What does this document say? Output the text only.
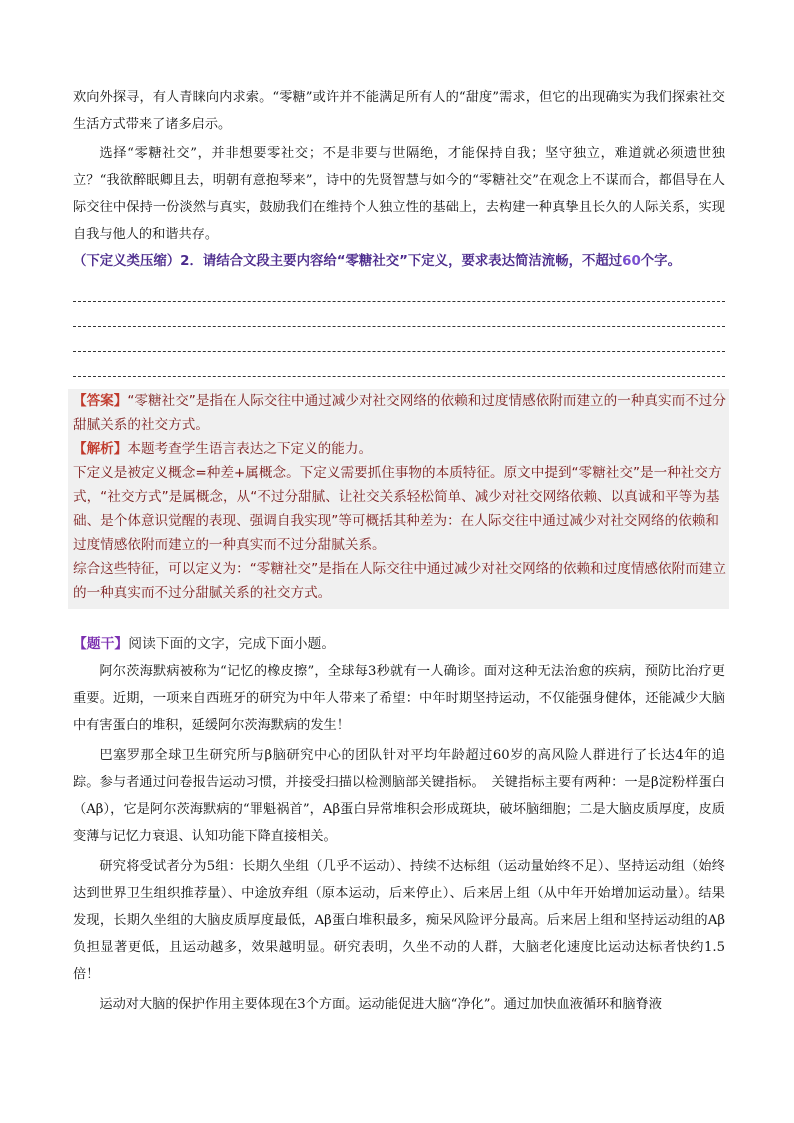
欢向外探寻，有人青睐向内求索。“零糖”或许并不能满足所有人的“甜度”需求，但它的出现确实为我们探索社交生活方式带来了诸多启示。

选择“零糖社交”，并非想要零社交；不是非要与世隔绝，才能保持自我；坚守独立，难道就必须遗世独立？“我欲醉眠卿且去，明朝有意抱琴来”，诗中的先贤智慧与如今的“零糖社交”在观念上不谋而合，都倡导在人际交往中保持一份淡然与真实，鼓励我们在维持个人独立性的基础上，去构建一种真挚且长久的人际关系，实现自我与他人的和谐共存。

（下定义类压缩）2．请结合文段主要内容给“零糖社交”下定义，要求表达简洁流畅，不超过60个字。

【答案】“零糖社交”是指在人际交往中通过减少对社交网络的依赖和过度情感依附而建立的一种真实而不过分甜腻关系的社交方式。

【解析】本题考查学生语言表达之下定义的能力。

下定义是被定义概念=种差+属概念。下定义需要抓住事物的本质特征。原文中提到“零糖社交”是一种社交方式，“社交方式”是属概念，从“不过分甜腻、让社交关系轻松简单、减少对社交网络依赖、以真诚和平等为基础、是个体意识觉醒的表现、强调自我实现”等可概括其种差为：在人际交往中通过减少对社交网络的依赖和过度情感依附而建立的一种真实而不过分甜腻关系。

综合这些特征，可以定义为：“零糖社交”是指在人际交往中通过减少对社交网络的依赖和过度情感依附而建立的一种真实而不过分甜腻关系的社交方式。

【题干】阅读下面的文字，完成下面小题。

阿尔茨海默病被称为“记忆的橡皮擦”，全球每3秒就有一人确诊。面对这种无法治愈的疾病，预防比治疗更重要。近期，一项来自西班牙的研究为中年人带来了希望：中年时期坚持运动，不仅能强身健体，还能减少大脑中有害蛋白的堆积，延缓阿尔茨海默病的发生！

巴塞罗那全球卫生研究所与β脑研究中心的团队针对平均年龄超过60岁的高风险人群进行了长达4年的追踪。参与者通过问卷报告运动习惯，并接受扫描以检测脑部关键指标。　关键指标主要有两种：一是β淀粉样蛋白（Aβ），它是阿尔茨海默病的“罪魁祸首”，Aβ蛋白异常堆积会形成斑块，破坏脑细胞；二是大脑皮质厚度，皮质变薄与记忆力衰退、认知功能下降直接相关。

研究将受试者分为5组：长期久坐组（几乎不运动）、持续不达标组（运动量始终不足）、坚持运动组（始终达到世界卫生组织推荐量）、中途放弃组（原本运动，后来停止）、后来居上组（从中年开始增加运动量）。结果发现，长期久坐组的大脑皮质厚度最低，Aβ蛋白堆积最多，痴呆风险评分最高。后来居上组和坚持运动组的Aβ负担显著更低，且运动越多，效果越明显。研究表明，久坐不动的人群，大脑老化速度比运动达标者快约1.5倍！

运动对大脑的保护作用主要体现在3个方面。运动能促进大脑“净化”。通过加快血液循环和脑脊液
